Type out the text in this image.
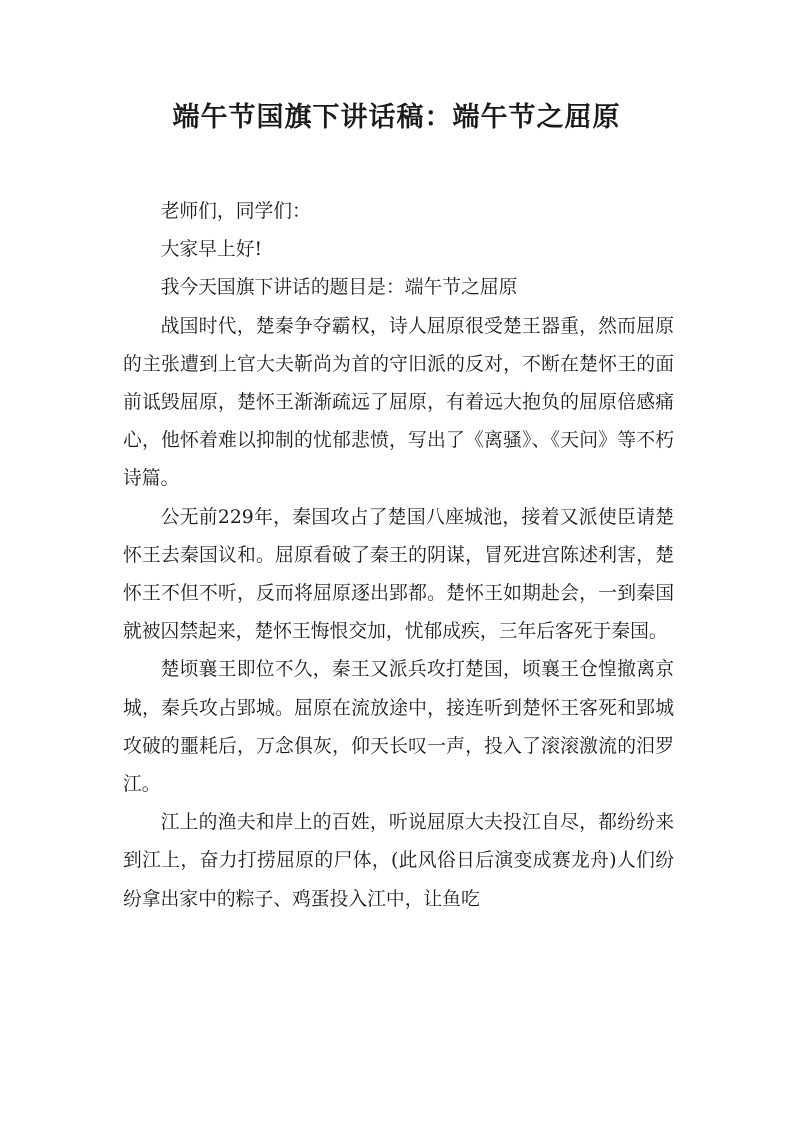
端午节国旗下讲话稿：端午节之屈原

老师们，同学们：

大家早上好!

我今天国旗下讲话的题目是：端午节之屈原

战国时代，楚秦争夺霸权，诗人屈原很受楚王器重，然而屈原的主张遭到上官大夫靳尚为首的守旧派的反对，不断在楚怀王的面前诋毁屈原，楚怀王渐渐疏远了屈原，有着远大抱负的屈原倍感痛心，他怀着难以抑制的忧郁悲愤，写出了《离骚》、《天问》等不朽诗篇。

公无前229年，秦国攻占了楚国八座城池，接着又派使臣请楚怀王去秦国议和。屈原看破了秦王的阴谋，冒死进宫陈述利害，楚怀王不但不听，反而将屈原逐出郢都。楚怀王如期赴会，一到秦国就被囚禁起来，楚怀王悔恨交加，忧郁成疾，三年后客死于秦国。

楚顷襄王即位不久，秦王又派兵攻打楚国，顷襄王仓惶撤离京城，秦兵攻占郢城。屈原在流放途中，接连听到楚怀王客死和郢城攻破的噩耗后，万念俱灰，仰天长叹一声，投入了滚滚激流的汨罗江。

江上的渔夫和岸上的百姓，听说屈原大夫投江自尽，都纷纷来到江上，奋力打捞屈原的尸体，(此风俗日后演变成赛龙舟)人们纷纷拿出家中的粽子、鸡蛋投入江中，让鱼吃
